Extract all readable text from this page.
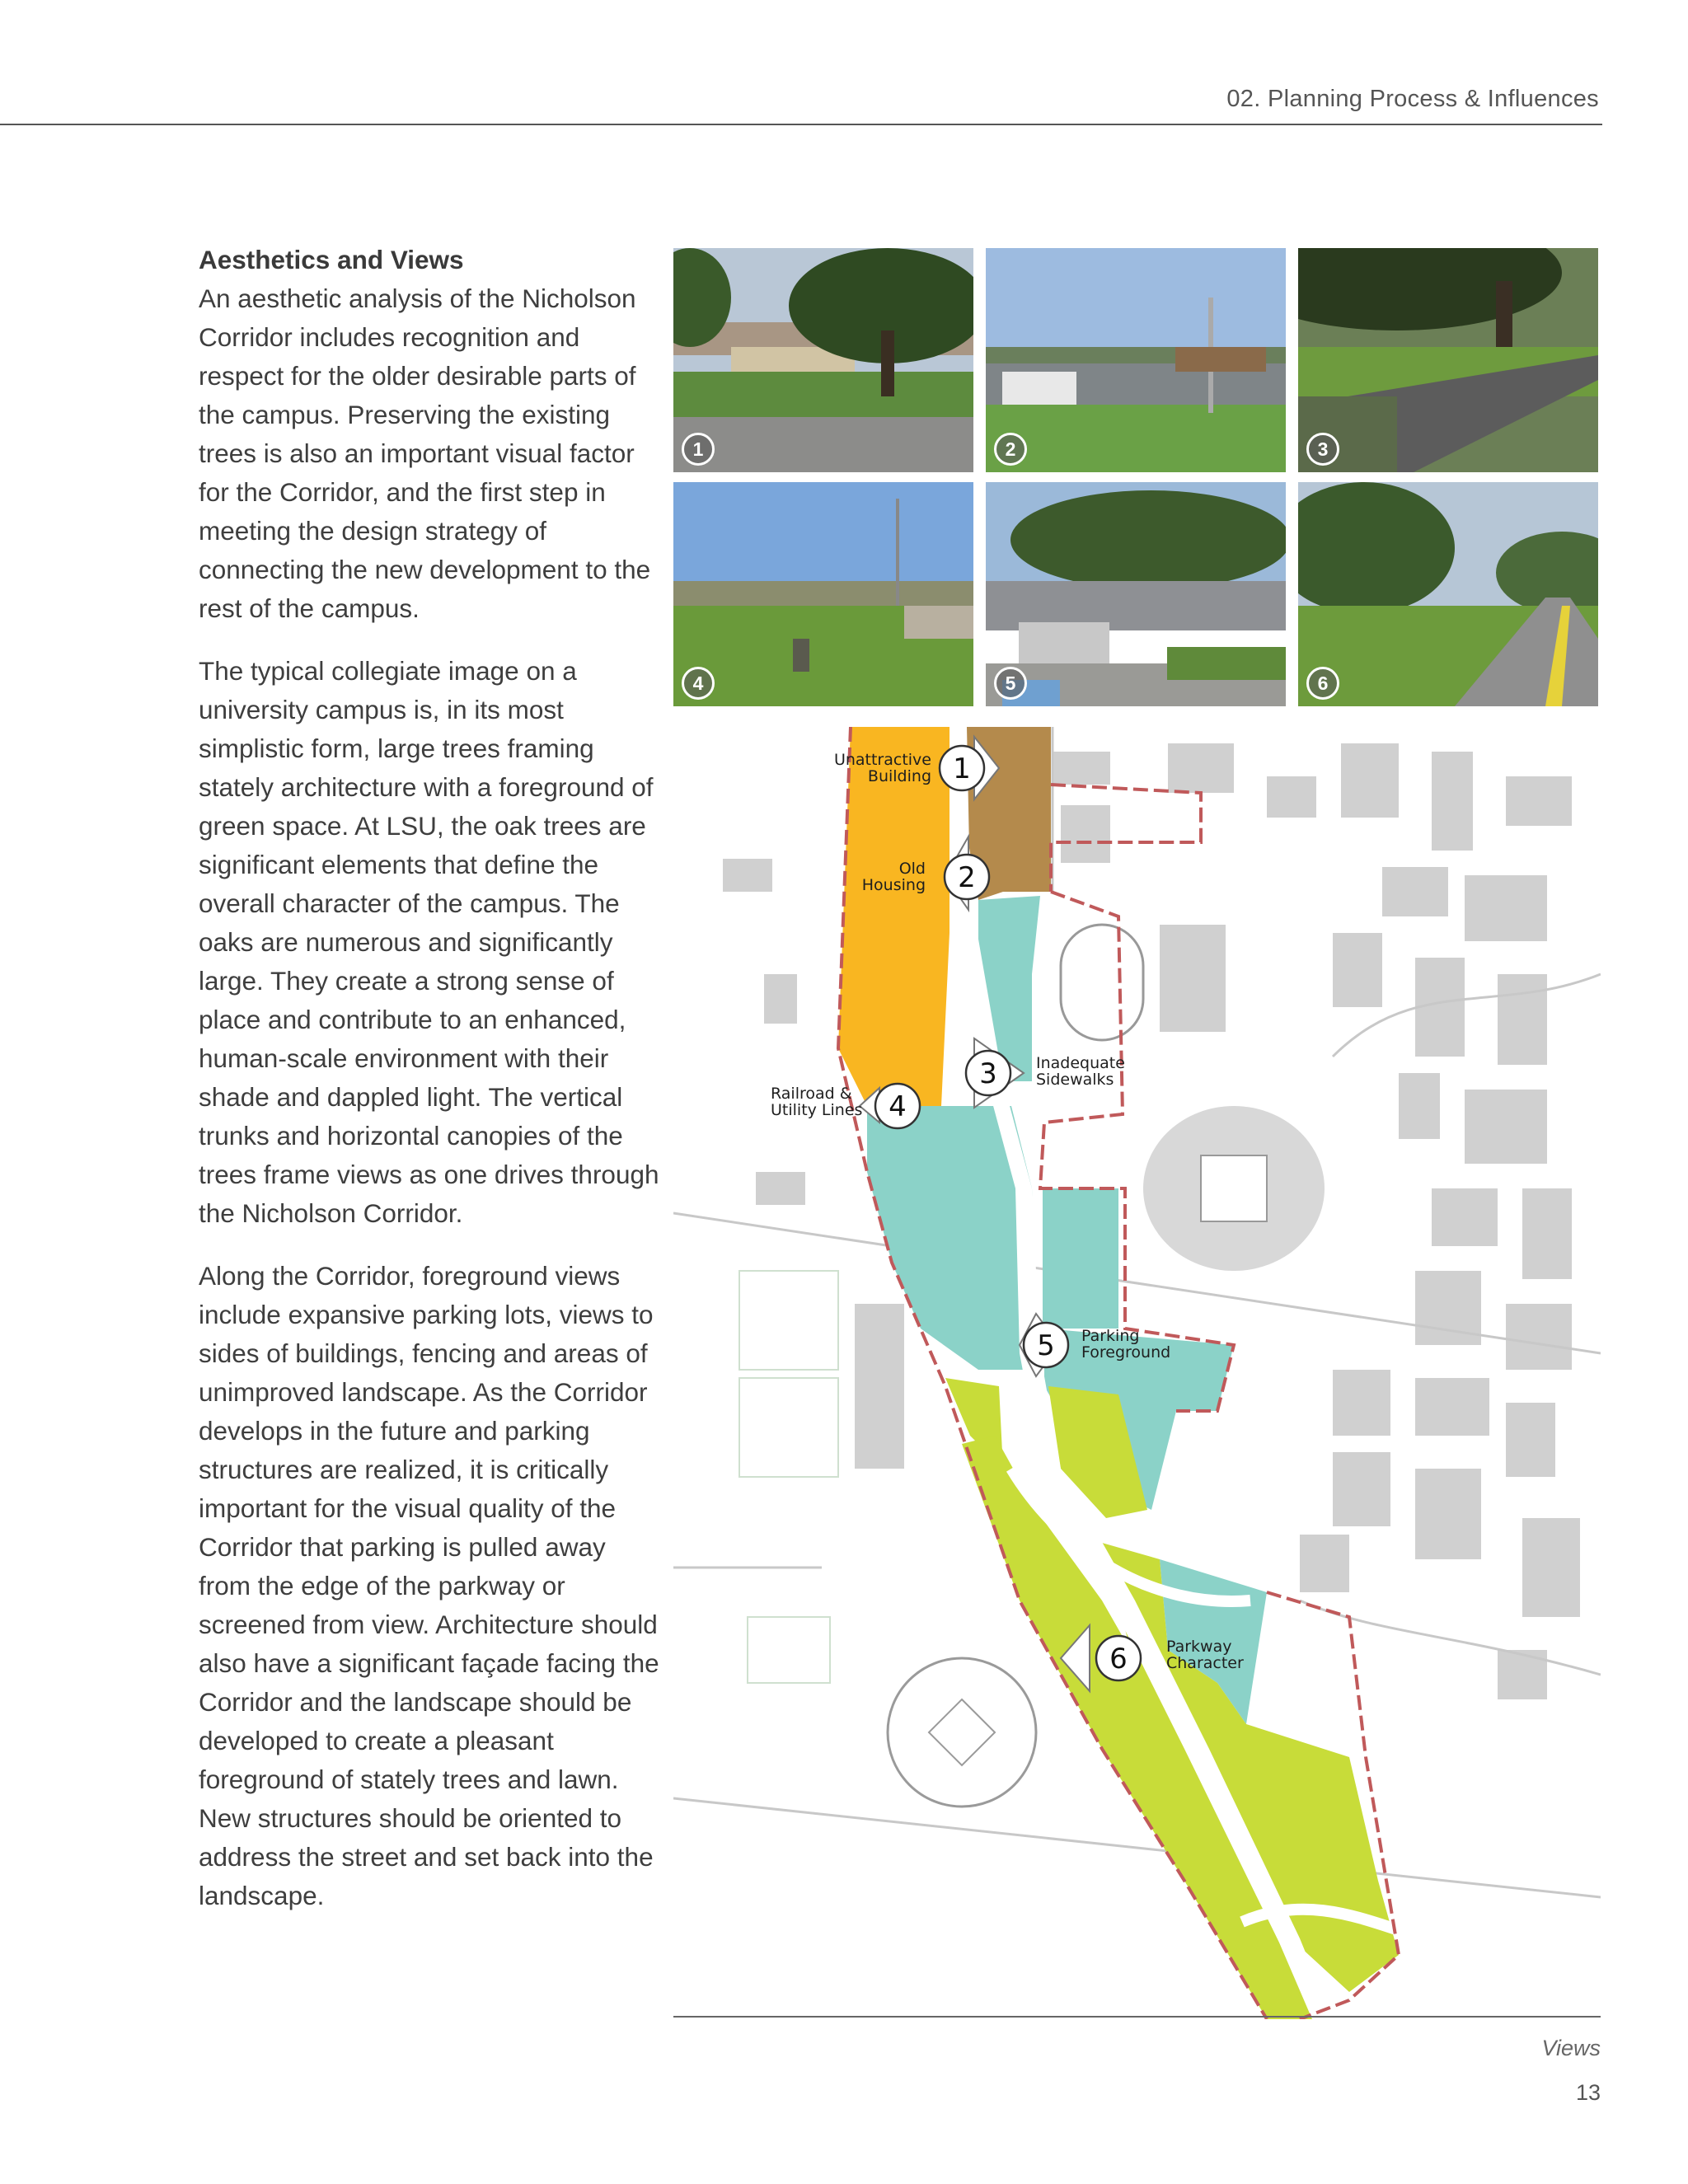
02. Planning Process & Influences

Aesthetics and Views

An aesthetic analysis of the Nicholson Corridor includes recognition and respect for the older desirable parts of the campus. Preserving the existing trees is also an important visual factor for the Corridor, and the first step in meeting the design strategy of connecting the new development to the rest of the campus.

The typical collegiate image on a university campus is, in its most simplistic form, large trees framing stately architecture with a foreground of green space. At LSU, the oak trees are significant elements that define the overall character of the campus. The oaks are numerous and significantly large. They create a strong sense of place and contribute to an enhanced, human-scale environment with their shade and dappled light. The vertical trunks and horizontal canopies of the trees frame views as one drives through the Nicholson Corridor.

Along the Corridor, foreground views include expansive parking lots, views to sides of buildings, fencing and areas of unimproved landscape. As the Corridor develops in the future and parking structures are realized, it is critically important for the visual quality of the Corridor that parking is pulled away from the edge of the parkway or screened from view. Architecture should also have a significant façade facing the Corridor and the landscape should be developed to create a pleasant foreground of stately trees and lawn. New structures should be oriented to address the street and set back into the landscape.

1	2	3
4	5	6
1
Unattractive
Building
2
Old
Housing
3 Inadequate
Sidewalks
4
Railroad &
Utility Lines
5 Parking
Foreground
6 Parkway
Character
Views
13
